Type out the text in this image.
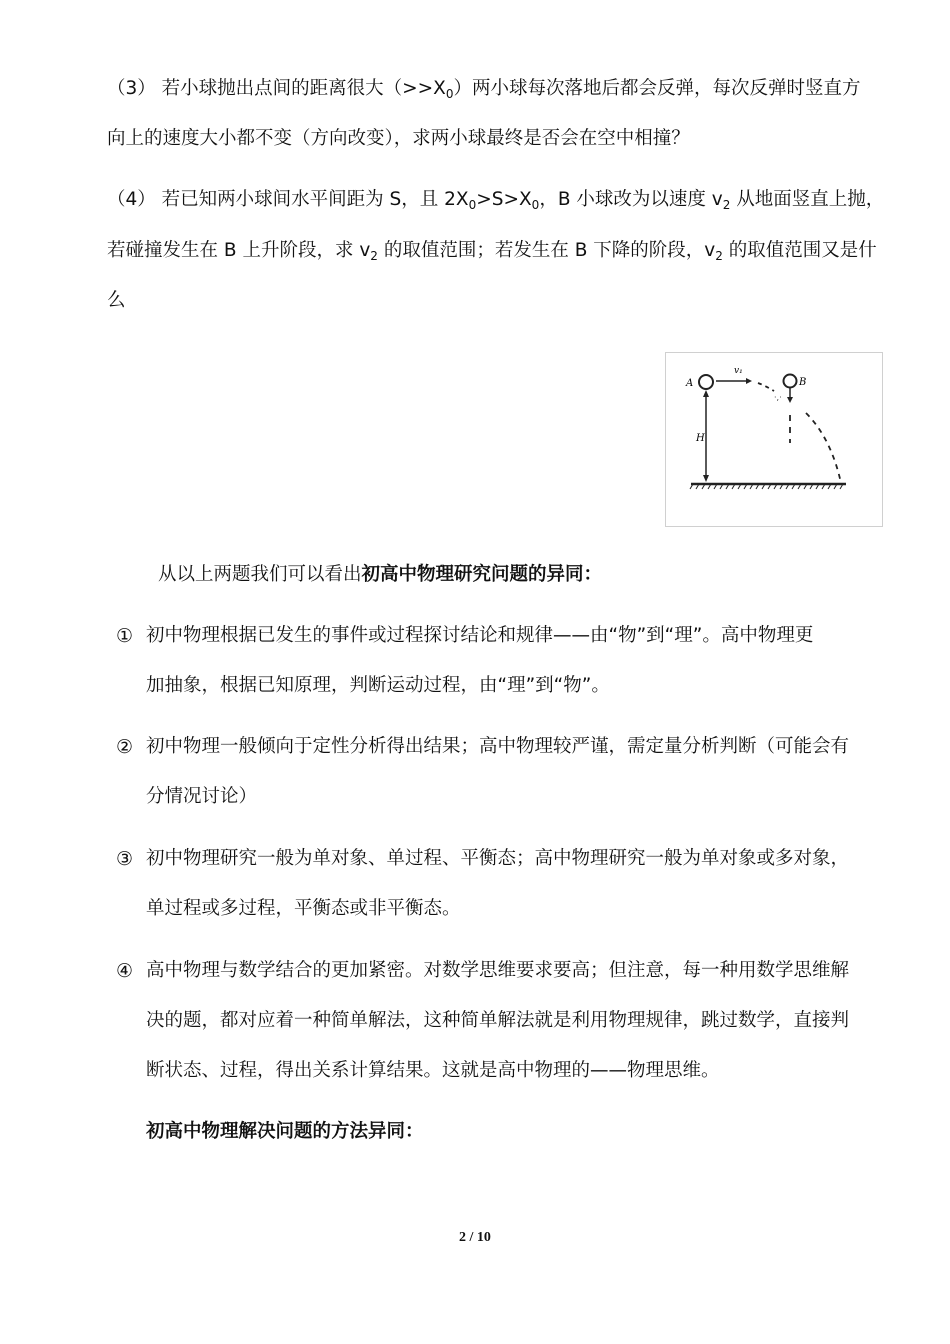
（3） 若小球抛出点间的距离很大$(>>X_0)$两小球每次落地后都会反弹，每次反弹时竖直方
向上的速度大小都不变（方向改变），求两小球最终是否会在空中相撞？
（4） 若已知两小球间水平间距为 S，且 $2X_0>S>X_0$，B 小球改为以速度 $v_2$ 从地面竖直上抛，
若碰撞发生在 B 上升阶段，求 $v_2$ 的取值范围；若发生在 B 下降的阶段，$v_2$ 的取值范围又是什
么
A
v₁
B
·,·
H
从以上两题我们可以看出初高中物理研究问题的异同：
① 初中物理根据已发生的事件或过程探讨结论和规律——由“物”到“理”。高中物理更
加抽象，根据已知原理，判断运动过程，由“理”到“物”。
② 初中物理一般倾向于定性分析得出结果；高中物理较严谨，需定量分析判断（可能会有
分情况讨论）
③ 初中物理研究一般为单对象、单过程、平衡态；高中物理研究一般为单对象或多对象，
单过程或多过程，平衡态或非平衡态。
④ 高中物理与数学结合的更加紧密。对数学思维要求要高；但注意，每一种用数学思维解
决的题，都对应着一种简单解法，这种简单解法就是利用物理规律，跳过数学，直接判
断状态、过程，得出关系计算结果。这就是高中物理的——物理思维。
初高中物理解决问题的方法异同：
2 / 10
